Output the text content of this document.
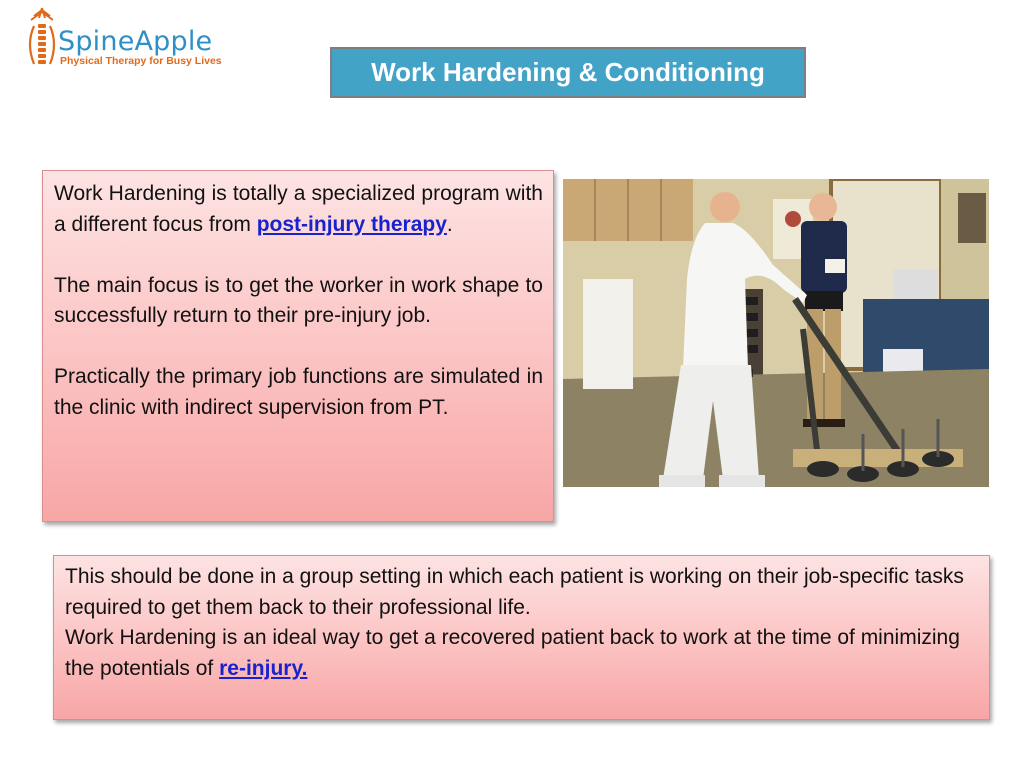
SpineApple
Physical Therapy for Busy Lives	Work Hardening & Conditioning

Work Hardening is totally a specialized program with a different focus from post-injury therapy.

The main focus is to get the worker in work shape to successfully return to their pre-injury job.

Practically the primary job functions are simulated in the clinic with indirect supervision from PT.

This should be done in a group setting in which each patient is working on their job-specific tasks required to get them back to their professional life.

Work Hardening is an ideal way to get a recovered patient back to work at the time of minimizing the potentials of re-injury.
